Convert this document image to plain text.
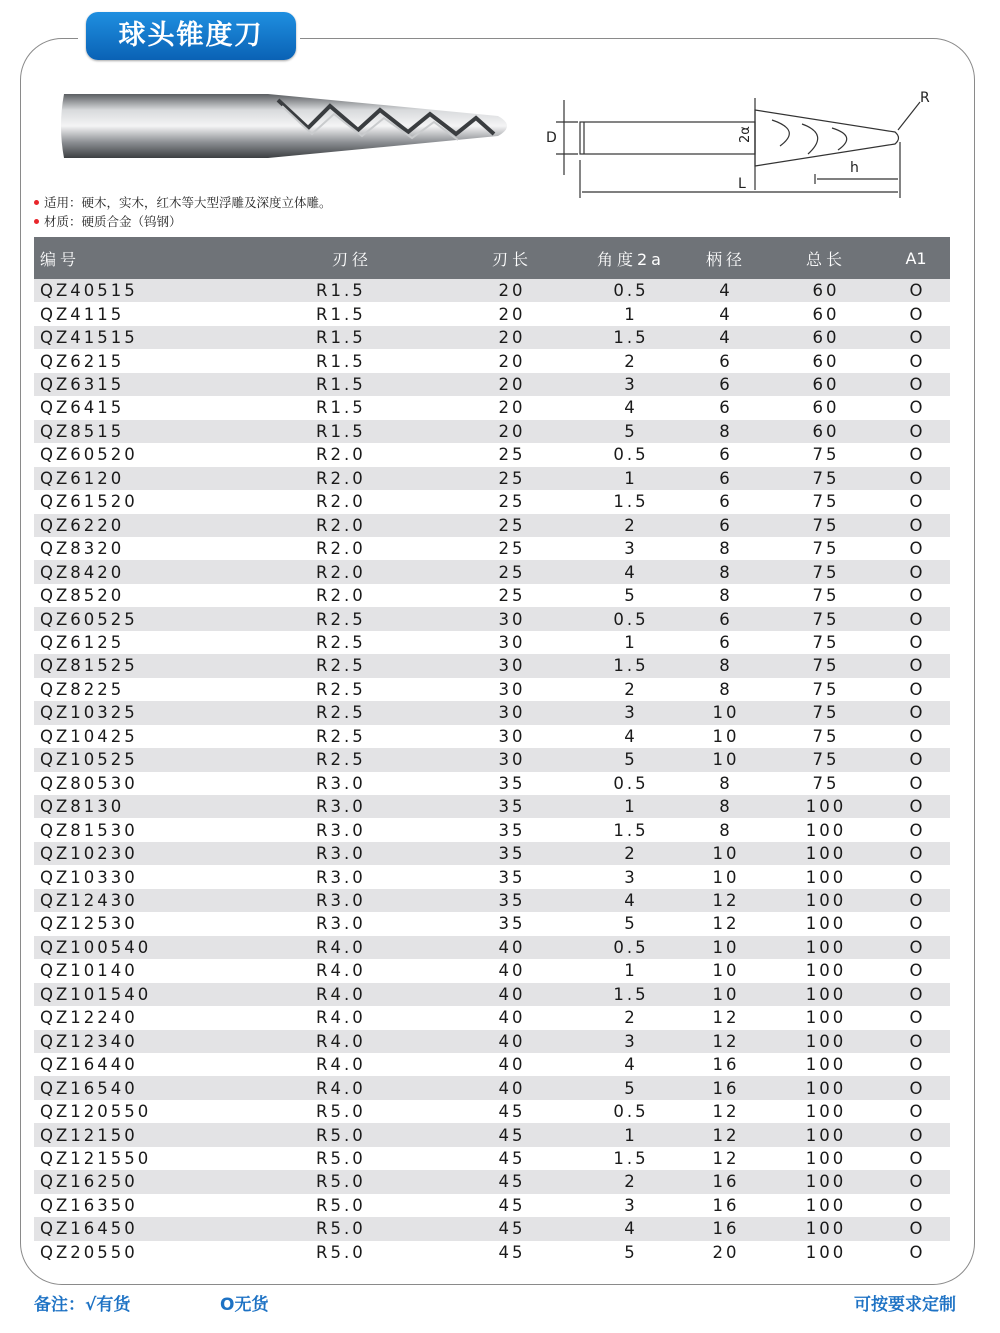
球头锥度刀
D	2α
L
h
R
适用：硬木，实木，红木等大型浮雕及深度立体雕。
材质：硬质合金（钨钢）
编号	刃径	刃长	角度2a	柄径	总长	A1
QZ40515	R1.5	20	0.5	4	60	O
QZ4115	R1.5	20	1	4	60	O
QZ41515	R1.5	20	1.5	4	60	O
QZ6215	R1.5	20	2	6	60	O
QZ6315	R1.5	20	3	6	60	O
QZ6415	R1.5	20	4	6	60	O
QZ8515	R1.5	20	5	8	60	O
QZ60520	R2.0	25	0.5	6	75	O
QZ6120	R2.0	25	1	6	75	O
QZ61520	R2.0	25	1.5	6	75	O
QZ6220	R2.0	25	2	6	75	O
QZ8320	R2.0	25	3	8	75	O
QZ8420	R2.0	25	4	8	75	O
QZ8520	R2.0	25	5	8	75	O
QZ60525	R2.5	30	0.5	6	75	O
QZ6125	R2.5	30	1	6	75	O
QZ81525	R2.5	30	1.5	8	75	O
QZ8225	R2.5	30	2	8	75	O
QZ10325	R2.5	30	3	10	75	O
QZ10425	R2.5	30	4	10	75	O
QZ10525	R2.5	30	5	10	75	O
QZ80530	R3.0	35	0.5	8	75	O
QZ8130	R3.0	35	1	8	100	O
QZ81530	R3.0	35	1.5	8	100	O
QZ10230	R3.0	35	2	10	100	O
QZ10330	R3.0	35	3	10	100	O
QZ12430	R3.0	35	4	12	100	O
QZ12530	R3.0	35	5	12	100	O
QZ100540	R4.0	40	0.5	10	100	O
QZ10140	R4.0	40	1	10	100	O
QZ101540	R4.0	40	1.5	10	100	O
QZ12240	R4.0	40	2	12	100	O
QZ12340	R4.0	40	3	12	100	O
QZ16440	R4.0	40	4	16	100	O
QZ16540	R4.0	40	5	16	100	O
QZ120550	R5.0	45	0.5	12	100	O
QZ12150	R5.0	45	1	12	100	O
QZ121550	R5.0	45	1.5	12	100	O
QZ16250	R5.0	45	2	16	100	O
QZ16350	R5.0	45	3	16	100	O
QZ16450	R5.0	45	4	16	100	O
QZ20550	R5.0	45	5	20	100	O
备注：√有货	O无货	可按要求定制
